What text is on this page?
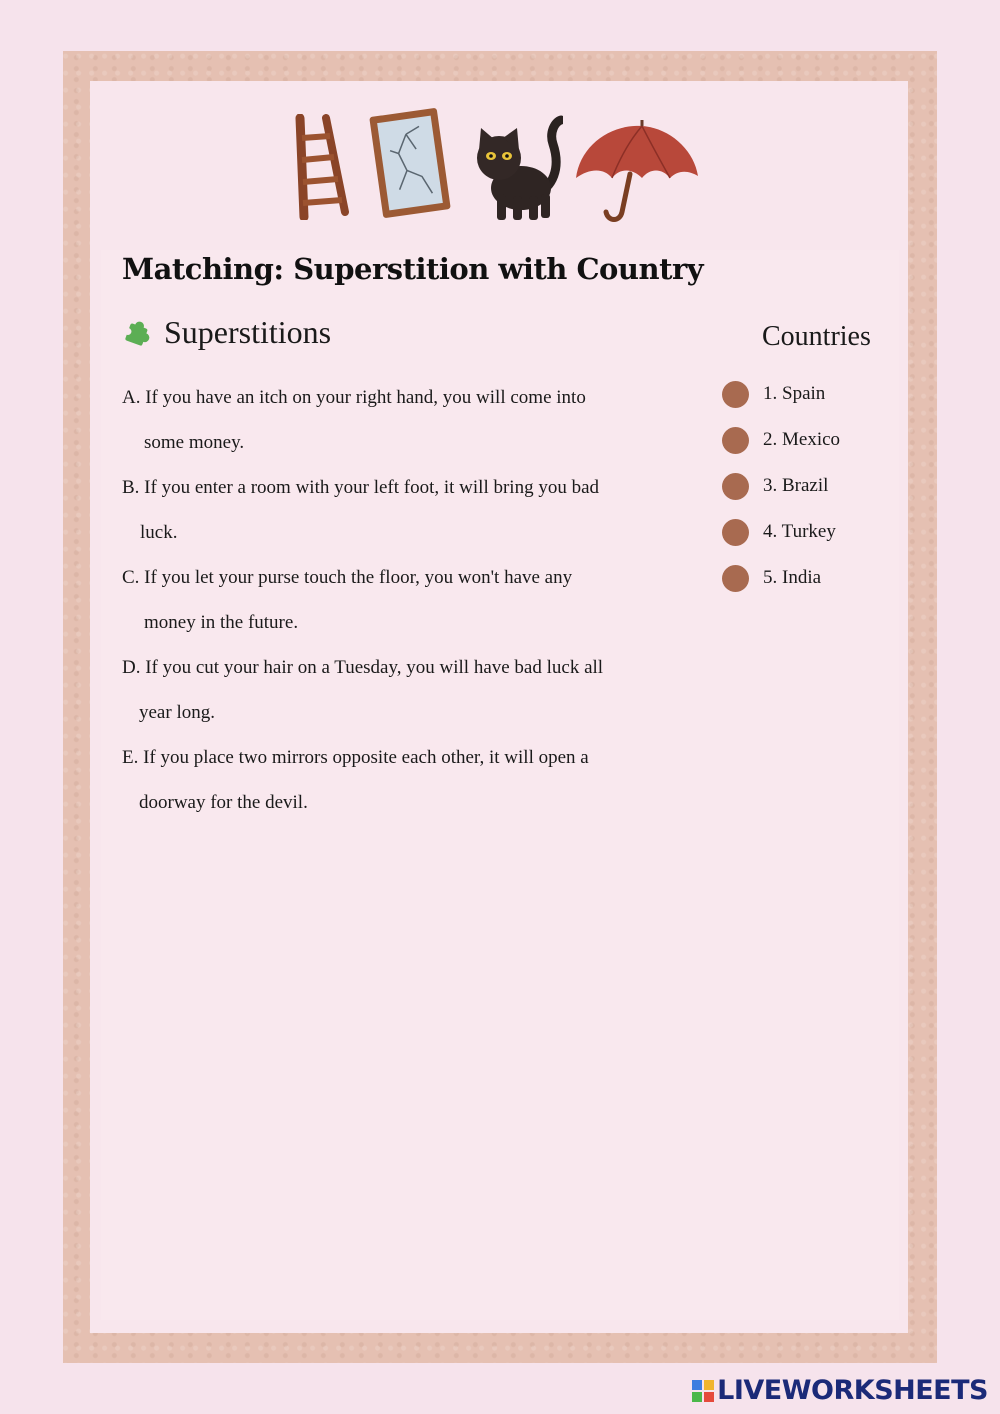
Matching: Superstition with Country
Superstitions	Countries
A. If you have an itch on your right hand, you will come into
some money.
B. If you enter a room with your left foot, it will bring you bad
luck.
C. If you let your purse touch the floor, you won't have any
money in the future.
D. If you cut your hair on a Tuesday, you will have bad luck all
year long.
E. If you place two mirrors opposite each other, it will open a
doorway for the devil.
1. Spain
2. Mexico
3. Brazil
4. Turkey
5. India
LIVEWORKSHEETS
